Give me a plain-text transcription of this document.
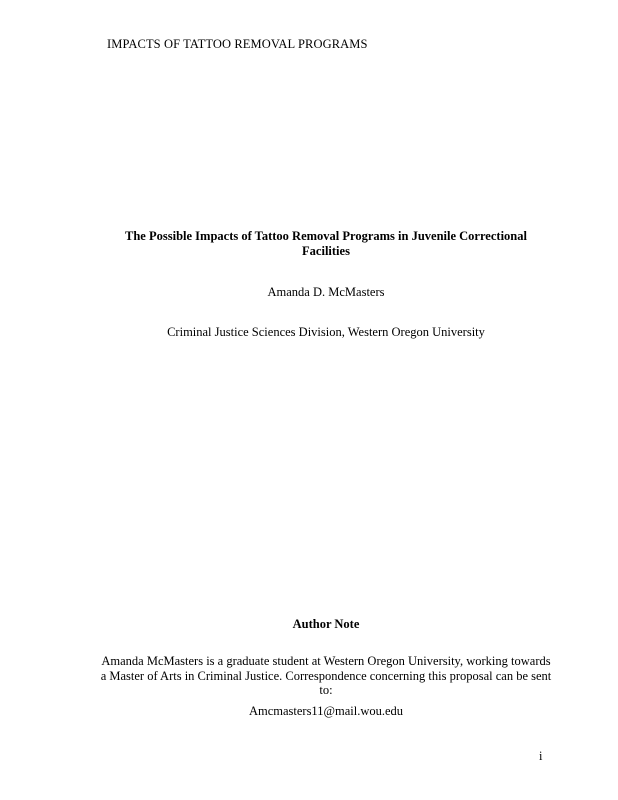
IMPACTS OF TATTOO REMOVAL PROGRAMS
The Possible Impacts of Tattoo Removal Programs in Juvenile Correctional Facilities
Amanda D. McMasters
Criminal Justice Sciences Division, Western Oregon University
Author Note
Amanda McMasters is a graduate student at Western Oregon University, working towards a Master of Arts in Criminal Justice. Correspondence concerning this proposal can be sent to:
Amcmasters11@mail.wou.edu
i
